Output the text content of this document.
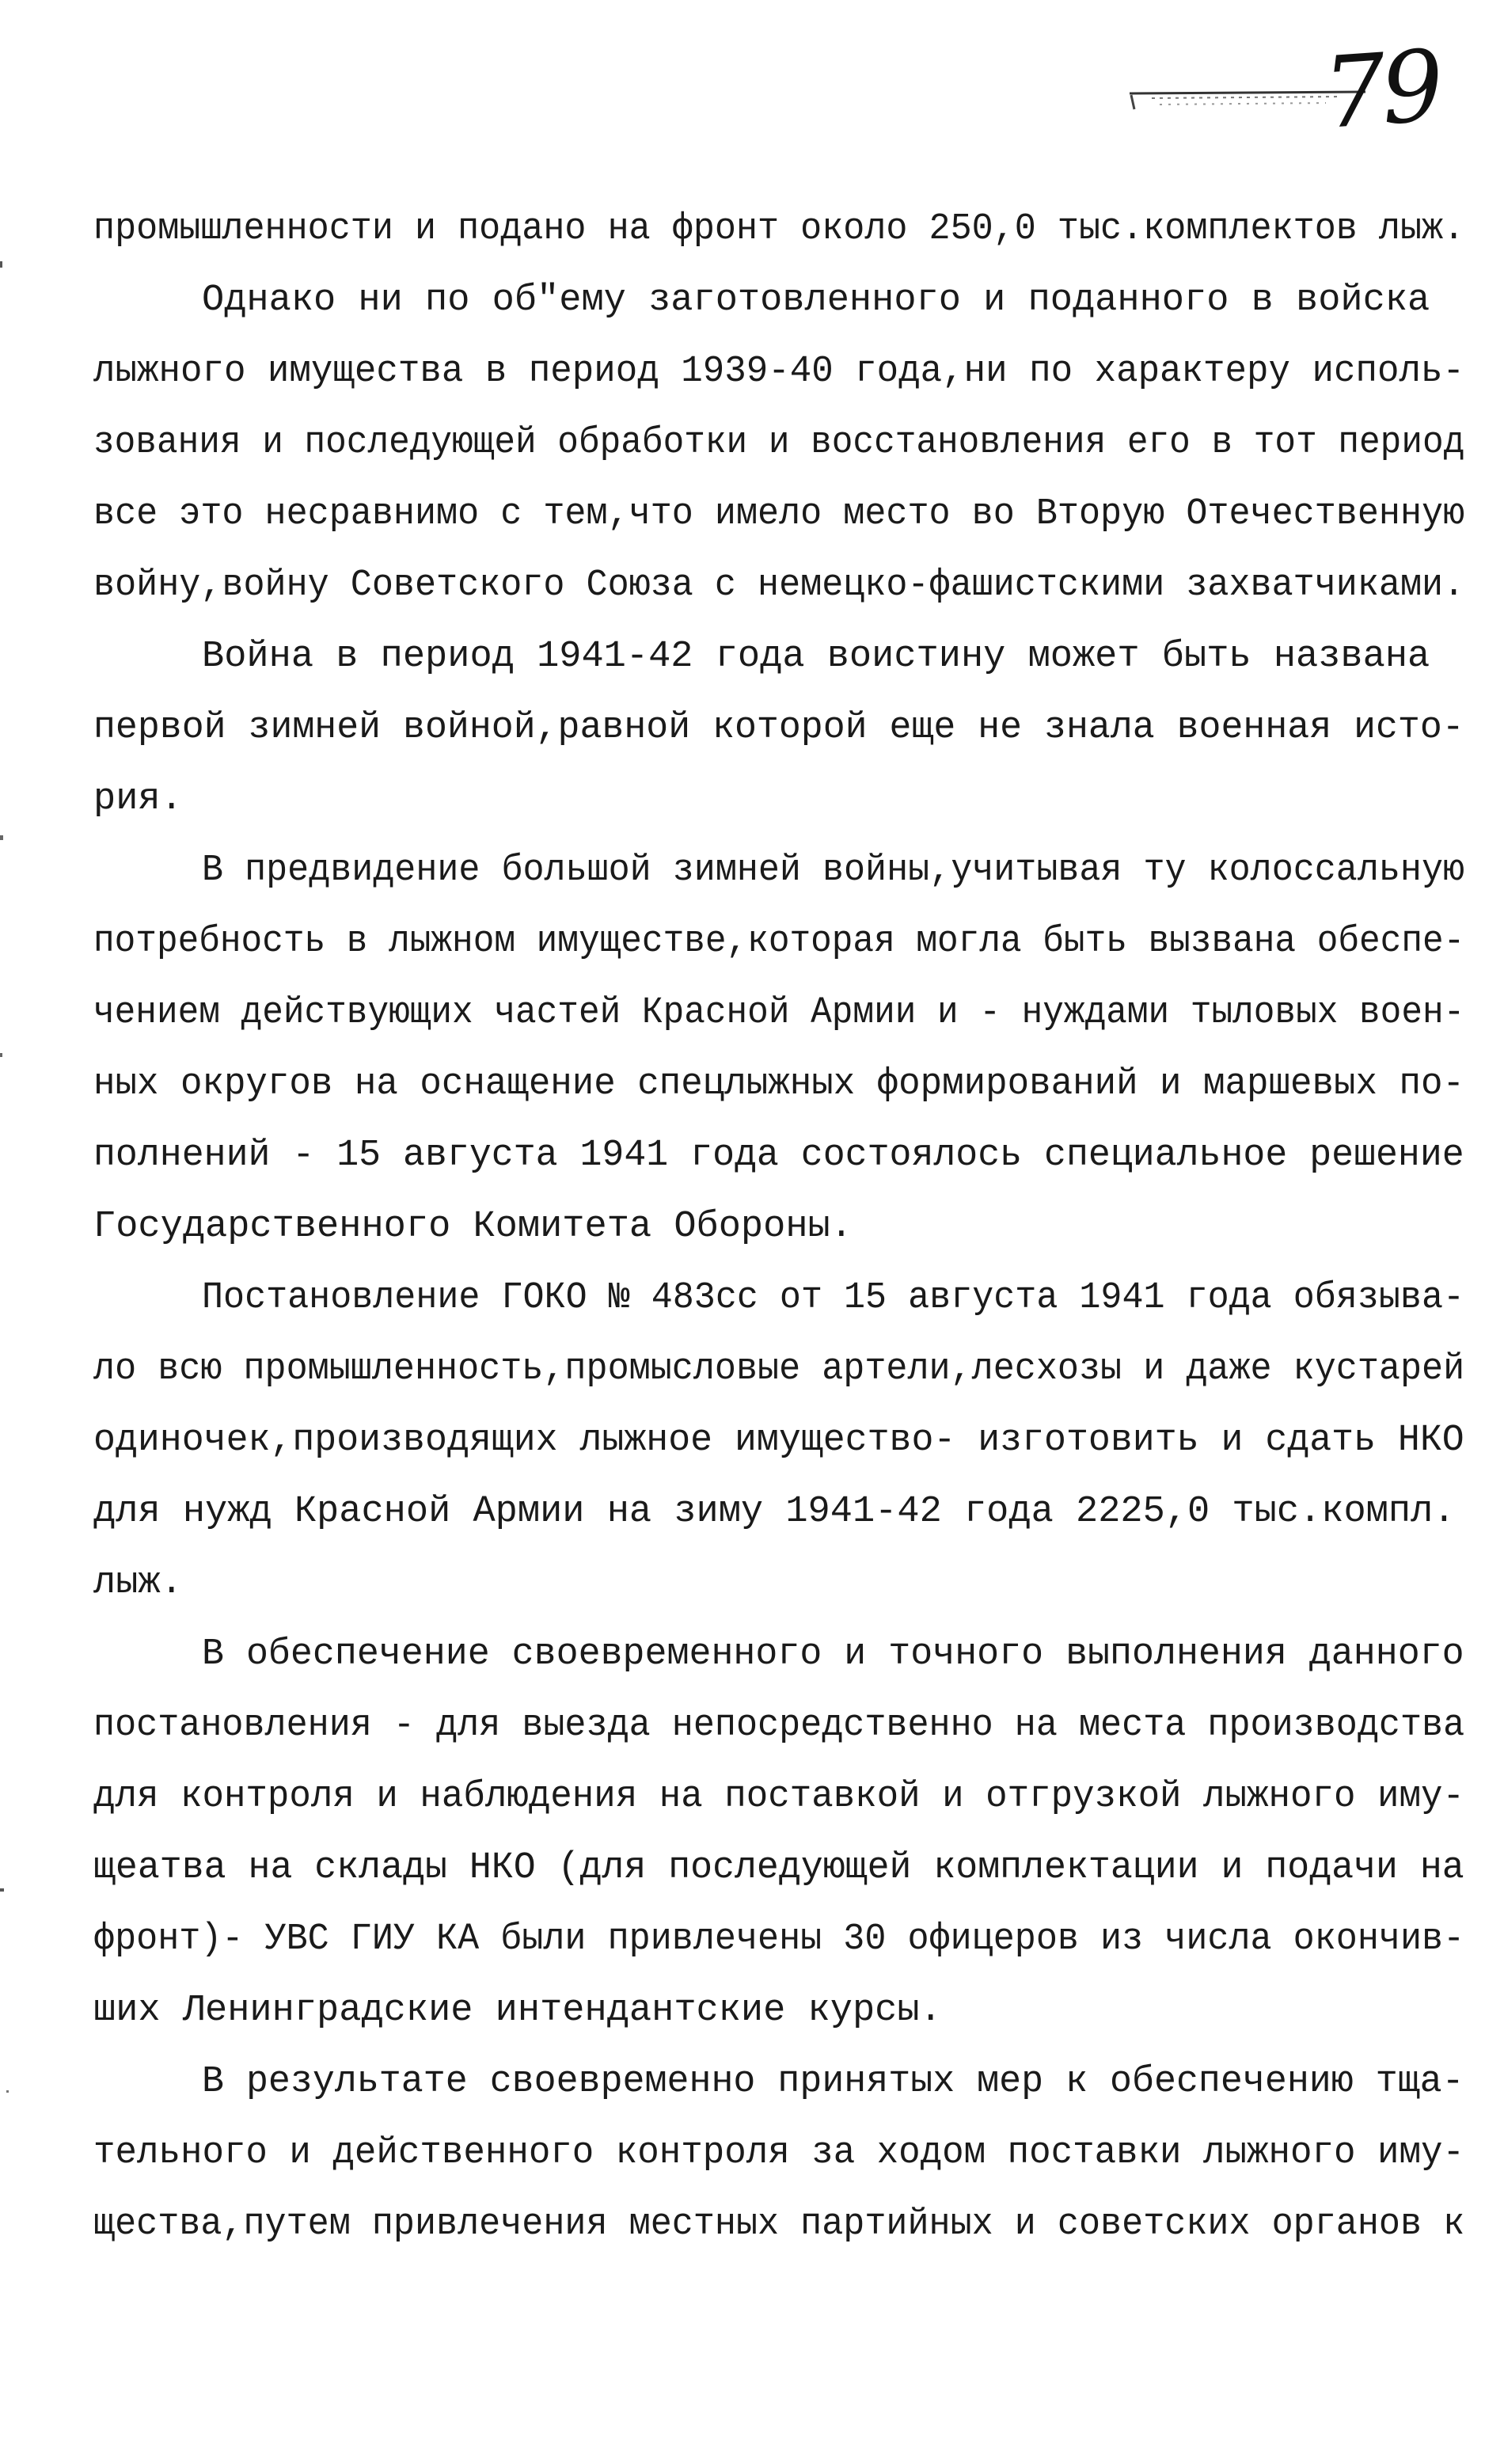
79
промышленности и подано на фронт около 250,0 тыс.комплектов лыж.
Однако ни по об"ему заготовленного и поданного в войска
лыжного имущества в период 1939-40 года,ни по характеру исполь-
зования и последующей обработки и восстановления его в тот период
все это несравнимо с тем,что имело место во Вторую Отечественную
войну,войну Советского Союза с немецко-фашистскими захватчиками.
Война в период 1941-42 года воистину может быть названа
первой зимней войной,равной которой еще не знала военная исто-
рия.
В предвидение большой зимней войны,учитывая ту колоссальную
потребность в лыжном имуществе,которая могла быть вызвана обеспе-
чением действующих частей Красной Армии и - нуждами тыловых воен-
ных округов на оснащение спецлыжных формирований и маршевых по-
полнений - 15 августа 1941 года состоялось специальное решение
Государственного Комитета Обороны.
Постановление ГОКО № 483сс от 15 августа 1941 года обязыва-
ло всю промышленность,промысловые артели,лесхозы и даже кустарей
одиночек,производящих лыжное имущество- изготовить и сдать НКО
для нужд Красной Армии на зиму 1941-42 года 2225,0 тыс.компл.
лыж.
В обеспечение своевременного и точного выполнения данного
постановления - для выезда непосредственно на места производства
для контроля и наблюдения на поставкой и отгрузкой лыжного иму-
щеатва на склады НКО (для последующей комплектации и подачи на
фронт)- УВС ГИУ КА были привлечены 30 офицеров из числа окончив-
ших Ленинградские интендантские курсы.
В результате своевременно принятых мер к обеспечению тща-
тельного и действенного контроля за ходом поставки лыжного иму-
щества,путем привлечения местных партийных и советских органов к
